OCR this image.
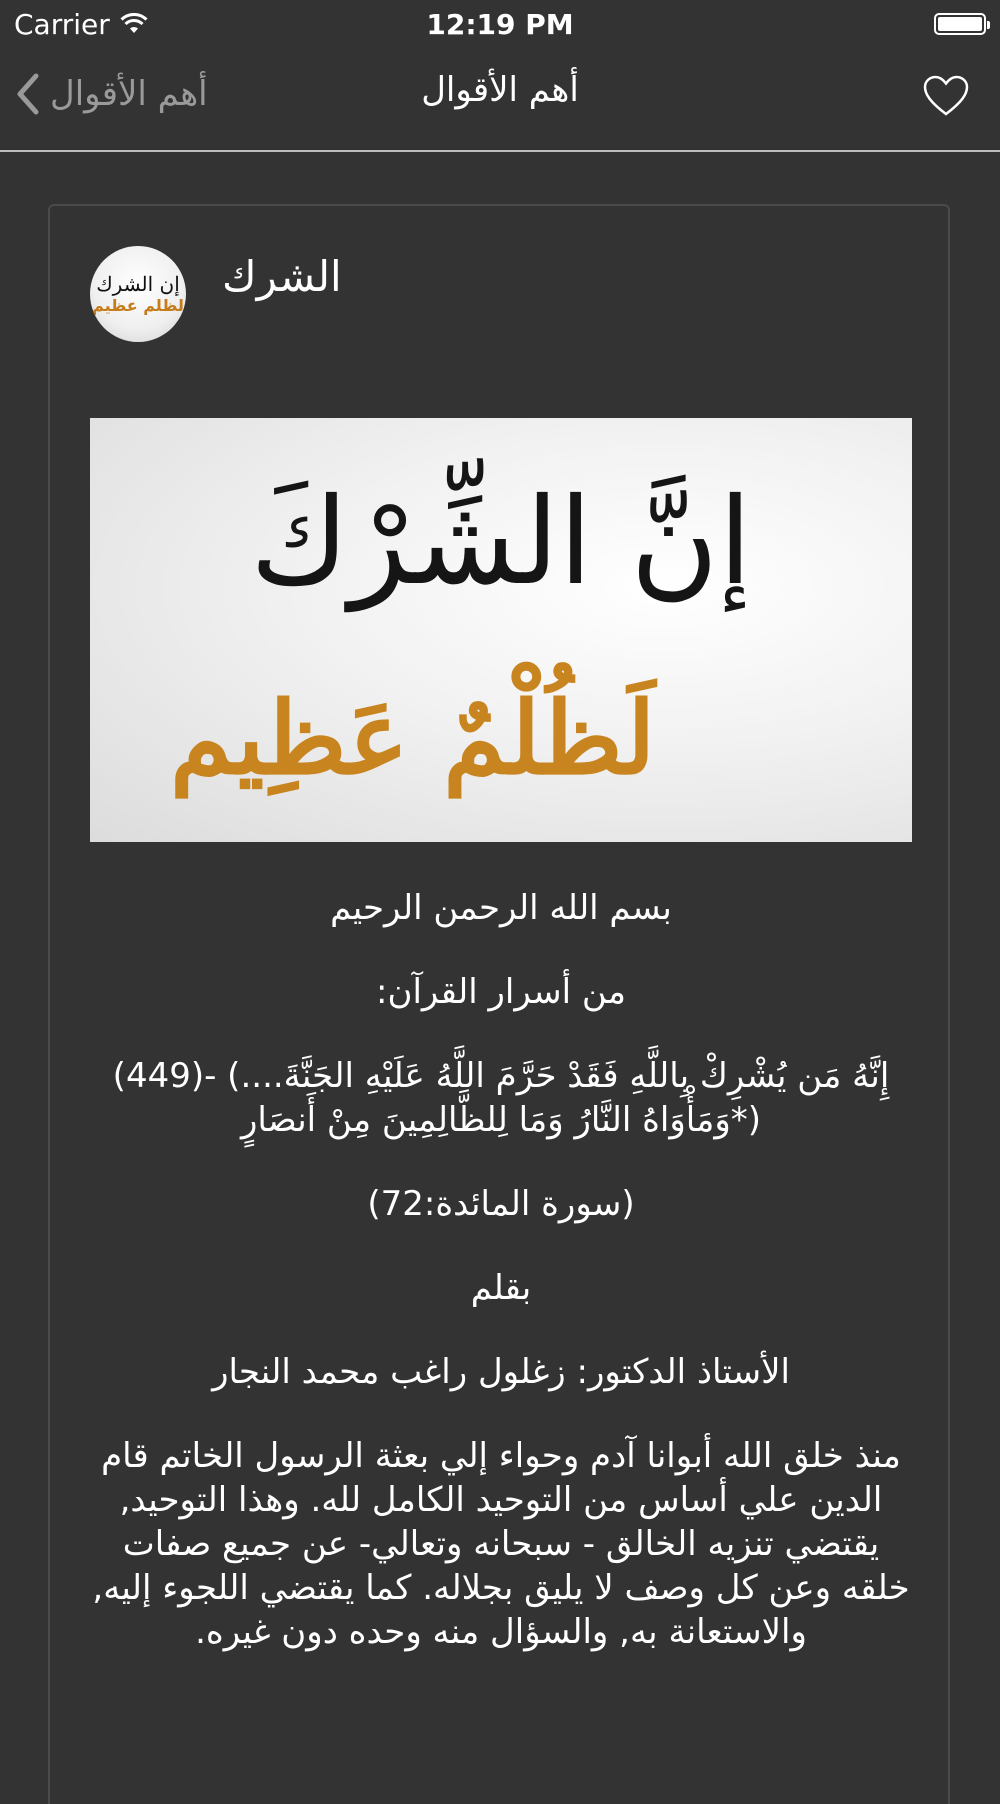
Carrier	12:19 PM
أهم الأقوال	أهم الأقوال
إن الشرك
لظلم عظيم
الشرك
إنَّ الشِّرْكَ
لَظُلْمٌ عَظِيم

بسم الله الرحمن الرحيم

من أسرار القرآن:

إِنَّهُ مَن يُشْرِكْ بِاللَّهِ فَقَدْ حَرَّمَ اللَّهُ عَلَيْهِ الجَنَّةَ....) -(449) (*وَمَأْوَاهُ النَّارُ وَمَا لِلظَّالِمِينَ مِنْ أَنصَارٍ

(سورة المائدة:72)

بقلم

الأستاذ الدكتور: زغلول راغب محمد النجار

منذ خلق الله أبوانا آدم وحواء إلي بعثة الرسول الخاتم قام الدين علي أساس من التوحيد الكامل لله. وهذا التوحيد, يقتضي تنزيه الخالق - سبحانه وتعالي- عن جميع صفات خلقه وعن كل وصف لا يليق بجلاله. كما يقتضي اللجوء إليه, والاستعانة به, والسؤال منه وحده دون غيره.
